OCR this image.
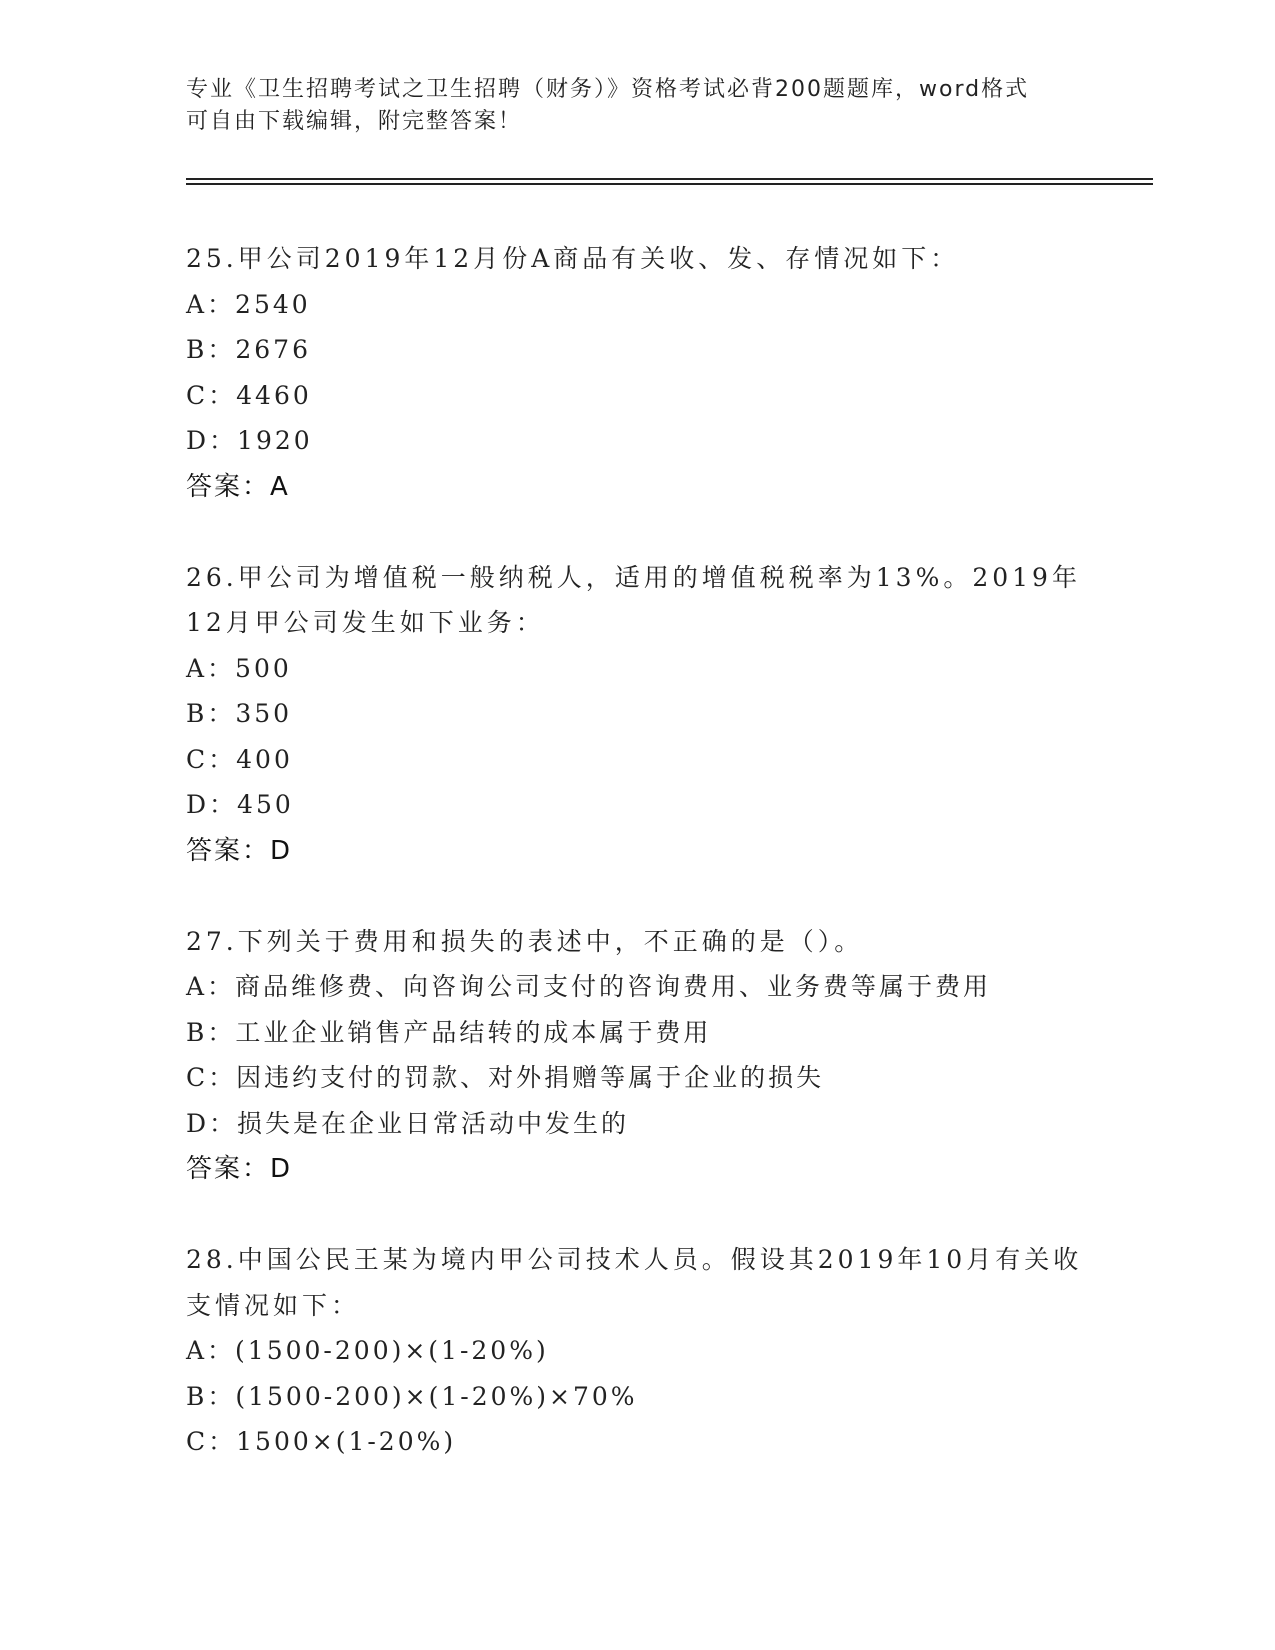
专业《卫生招聘考试之卫生招聘（财务）》资格考试必背200题题库，word格式
可自由下载编辑，附完整答案！
25.甲公司2019年12月份A商品有关收、发、存情况如下：
A：2540
B：2676
C：4460
D：1920
答案：A
26.甲公司为增值税一般纳税人，适用的增值税税率为13%。2019年
12月甲公司发生如下业务：
A：500
B：350
C：400
D：450
答案：D
27.下列关于费用和损失的表述中，不正确的是（）。
A：商品维修费、向咨询公司支付的咨询费用、业务费等属于费用
B：工业企业销售产品结转的成本属于费用
C：因违约支付的罚款、对外捐赠等属于企业的损失
D：损失是在企业日常活动中发生的
答案：D
28.中国公民王某为境内甲公司技术人员。假设其2019年10月有关收
支情况如下：
A：(1500-200)×(1-20%)
B：(1500-200)×(1-20%)×70%
C：1500×(1-20%)
